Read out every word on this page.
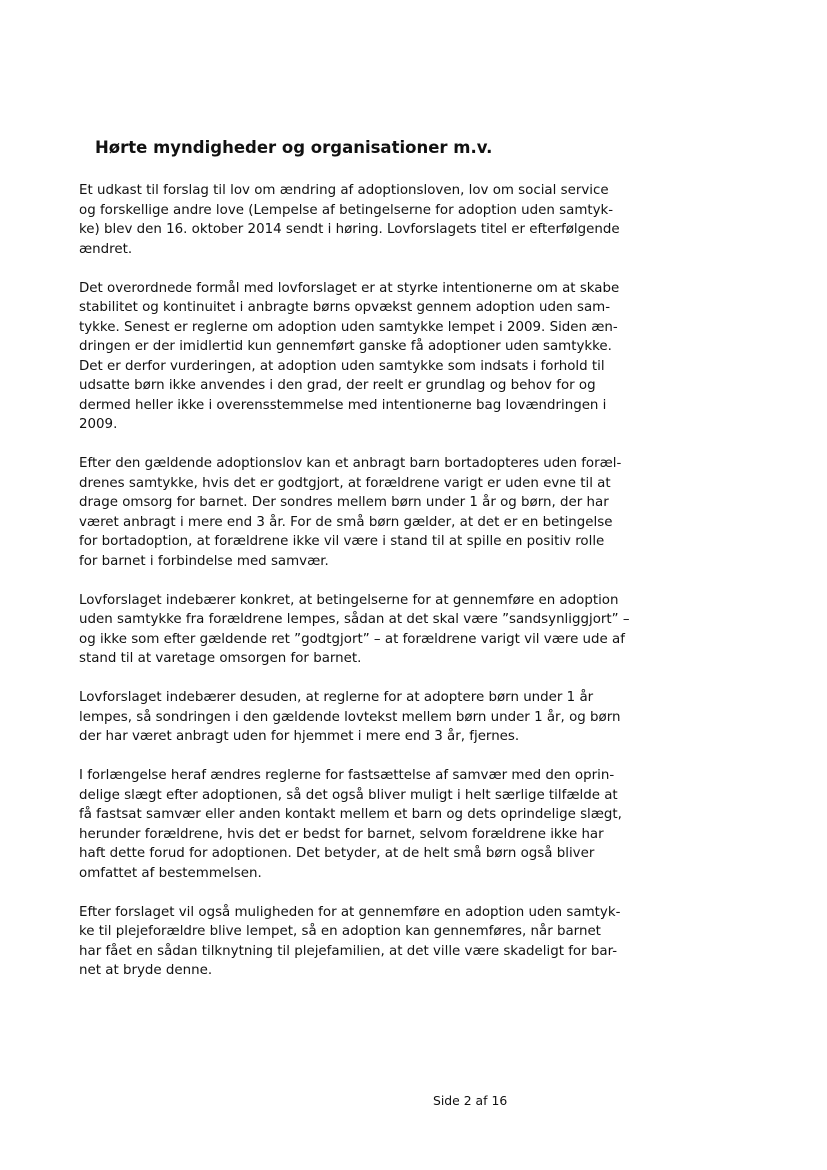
Hørte myndigheder og organisationer m.v.

Et udkast til forslag til lov om ændring af adoptionsloven, lov om social service
og forskellige andre love (Lempelse af betingelserne for adoption uden samtyk-
ke) blev den 16. oktober 2014 sendt i høring. Lovforslagets titel er efterfølgende
ændret.

Det overordnede formål med lovforslaget er at styrke intentionerne om at skabe
stabilitet og kontinuitet i anbragte børns opvækst gennem adoption uden sam-
tykke. Senest er reglerne om adoption uden samtykke lempet i 2009. Siden æn-
dringen er der imidlertid kun gennemført ganske få adoptioner uden samtykke.
Det er derfor vurderingen, at adoption uden samtykke som indsats i forhold til
udsatte børn ikke anvendes i den grad, der reelt er grundlag og behov for og
dermed heller ikke i overensstemmelse med intentionerne bag lovændringen i
2009.

Efter den gældende adoptionslov kan et anbragt barn bortadopteres uden foræl-
drenes samtykke, hvis det er godtgjort, at forældrene varigt er uden evne til at
drage omsorg for barnet. Der sondres mellem børn under 1 år og børn, der har
været anbragt i mere end 3 år. For de små børn gælder, at det er en betingelse
for bortadoption, at forældrene ikke vil være i stand til at spille en positiv rolle
for barnet i forbindelse med samvær.

Lovforslaget indebærer konkret, at betingelserne for at gennemføre en adoption
uden samtykke fra forældrene lempes, sådan at det skal være ”sandsynliggjort” –
og ikke som efter gældende ret ”godtgjort” – at forældrene varigt vil være ude af
stand til at varetage omsorgen for barnet.

Lovforslaget indebærer desuden, at reglerne for at adoptere børn under 1 år
lempes, så sondringen i den gældende lovtekst mellem børn under 1 år, og børn
der har været anbragt uden for hjemmet i mere end 3 år, fjernes.

I forlængelse heraf ændres reglerne for fastsættelse af samvær med den oprin-
delige slægt efter adoptionen, så det også bliver muligt i helt særlige tilfælde at
få fastsat samvær eller anden kontakt mellem et barn og dets oprindelige slægt,
herunder forældrene, hvis det er bedst for barnet, selvom forældrene ikke har
haft dette forud for adoptionen. Det betyder, at de helt små børn også bliver
omfattet af bestemmelsen.

Efter forslaget vil også muligheden for at gennemføre en adoption uden samtyk-
ke til plejeforældre blive lempet, så en adoption kan gennemføres, når barnet
har fået en sådan tilknytning til plejefamilien, at det ville være skadeligt for bar-
net at bryde denne.

Side 2 af 16
